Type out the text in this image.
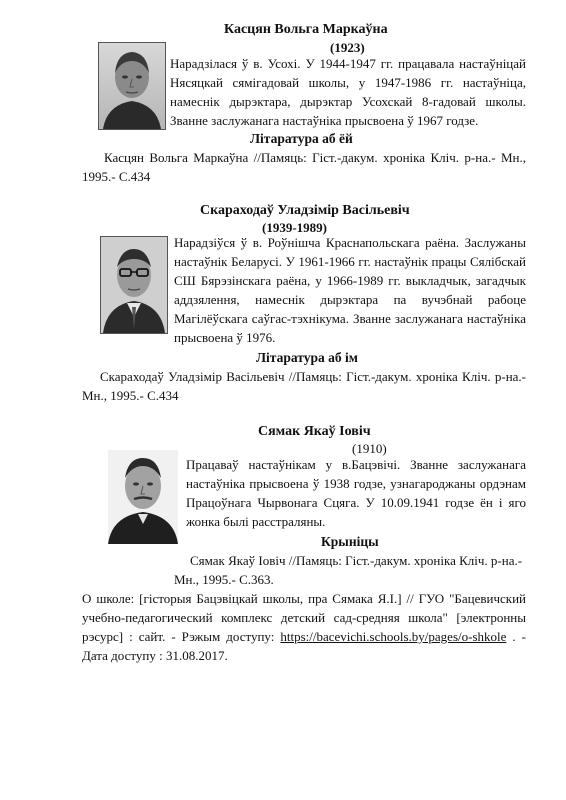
Касцян Вольга Маркаўна
(1923)
Нарадзілася ў в. Усохі. У 1944-1947 гг. працавала настаўніцай Нясяцкай сямігадовай школы, у 1947-1986 гг. настаўніца, намеснік дырэктара, дырэктар Усохскай 8-гадовай школы. Званне заслужанага настаўніка прысвоена ў 1967 годзе.
Літаратура аб ёй
Касцян Вольга Маркаўна //Памяць: Гіст.-дакум. хроніка Кліч. р-на.- Мн., 1995.- С.434
Скараходаў Уладзімір Васільевіч
(1939-1989)
Нарадзіўся ў в. Роўнішча Краснапольскага раёна. Заслужаны настаўнік Беларусі. У 1961-1966 гг. настаўнік працы Сялібскай СШ Бярэзінскага раёна, у 1966-1989 гг. выкладчык, загадчык аддзялення, намеснік дырэктара па вучэбнай рабоце Магілёўскага саўгас-тэхнікума. Званне заслужанага настаўніка прысвоена ў 1976.
Літаратура аб ім
Скараходаў Уладзімір Васільевіч //Памяць: Гіст.-дакум. хроніка Кліч. р-на.- Мн., 1995.- С.434
Сямак Якаў Іовіч
(1910)
Працаваў настаўнікам у в.Бацэвічі. Званне заслужанага настаўніка прысвоена ў 1938 годзе, узнагароджаны ордэнам Працоўнага Чырвонага Сцяга. У 10.09.1941 годзе ён і яго жонка былі расстраляны.
Крыніцы
Сямак Якаў Іовіч //Памяць: Гіст.-дакум. хроніка Кліч. р-на.- Мн., 1995.- С.363.
О школе: [гісторыя Бацэвіцкай школы, пра Сямака Я.І.] // ГУО "Бацевичский учебно-педагогический комплекс детский сад-средняя школа" [электронны рэсурс] : сайт. - Рэжым доступу: https://bacevichi.schools.by/pages/o-shkole . - Дата доступу : 31.08.2017.
